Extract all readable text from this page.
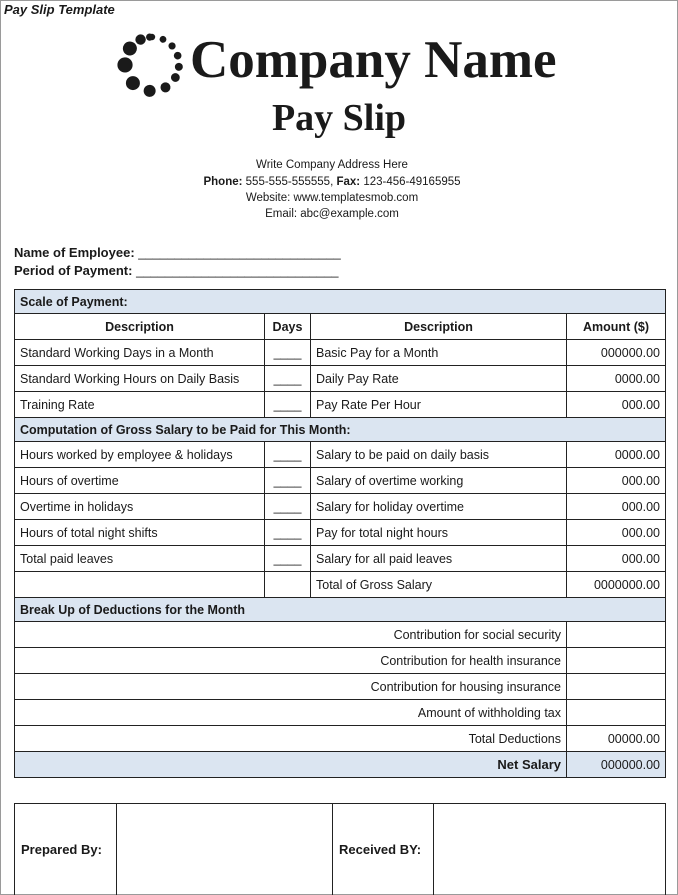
Pay Slip Template
Company Name
Pay Slip
Write Company Address Here
Phone: 555-555-555555, Fax: 123-456-49165955
Website: www.templatesmob.com
Email: abc@example.com
Name of Employee: ____________________________
Period of Payment: ____________________________
Scale of Payment:			
Description	Days	Description	Amount ($)
Standard Working Days in a Month	____	Basic Pay for a Month	000000.00
Standard Working Hours on Daily Basis	____	Daily Pay Rate	0000.00
Training Rate	____	Pay Rate Per Hour	000.00
Computation of Gross Salary to be Paid for This Month:			
Hours worked by employee & holidays	____	Salary to be paid on daily basis	0000.00
Hours of overtime	____	Salary of overtime working	000.00
Overtime in holidays	____	Salary for holiday overtime	000.00
Hours of total night shifts	____	Pay for total night hours	000.00
Total paid leaves	____	Salary for all paid leaves	000.00
		Total of Gross Salary	0000000.00
Break Up of Deductions for the Month			
Contribution for social security			
Contribution for health insurance			
Contribution for housing insurance			
Amount of withholding tax			
Total Deductions			00000.00
Net Salary			000000.00
Prepared By:		Received BY:	
